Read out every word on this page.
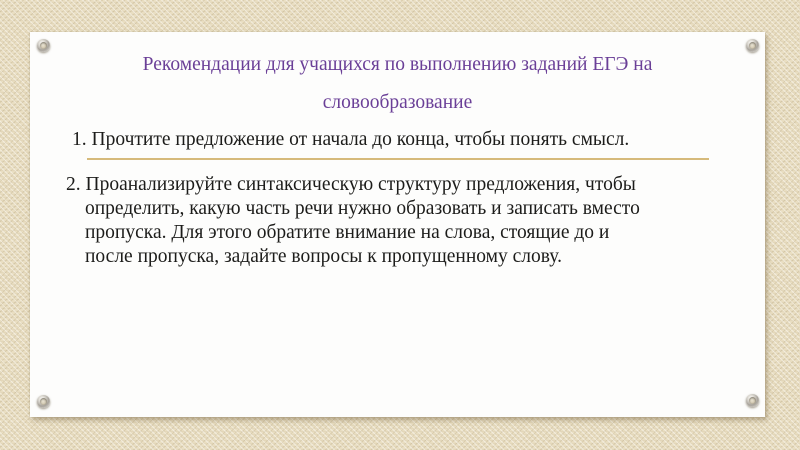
Рекомендации для учащихся по выполнению заданий ЕГЭ на
словообразование
1. Прочтите предложение от начала до конца, чтобы понять смысл.
2. Проанализируйте синтаксическую структуру предложения, чтобы
определить, какую часть речи нужно образовать и записать вместо
пропуска. Для этого обратите внимание на слова, стоящие до и
после пропуска, задайте вопросы к пропущенному слову.
